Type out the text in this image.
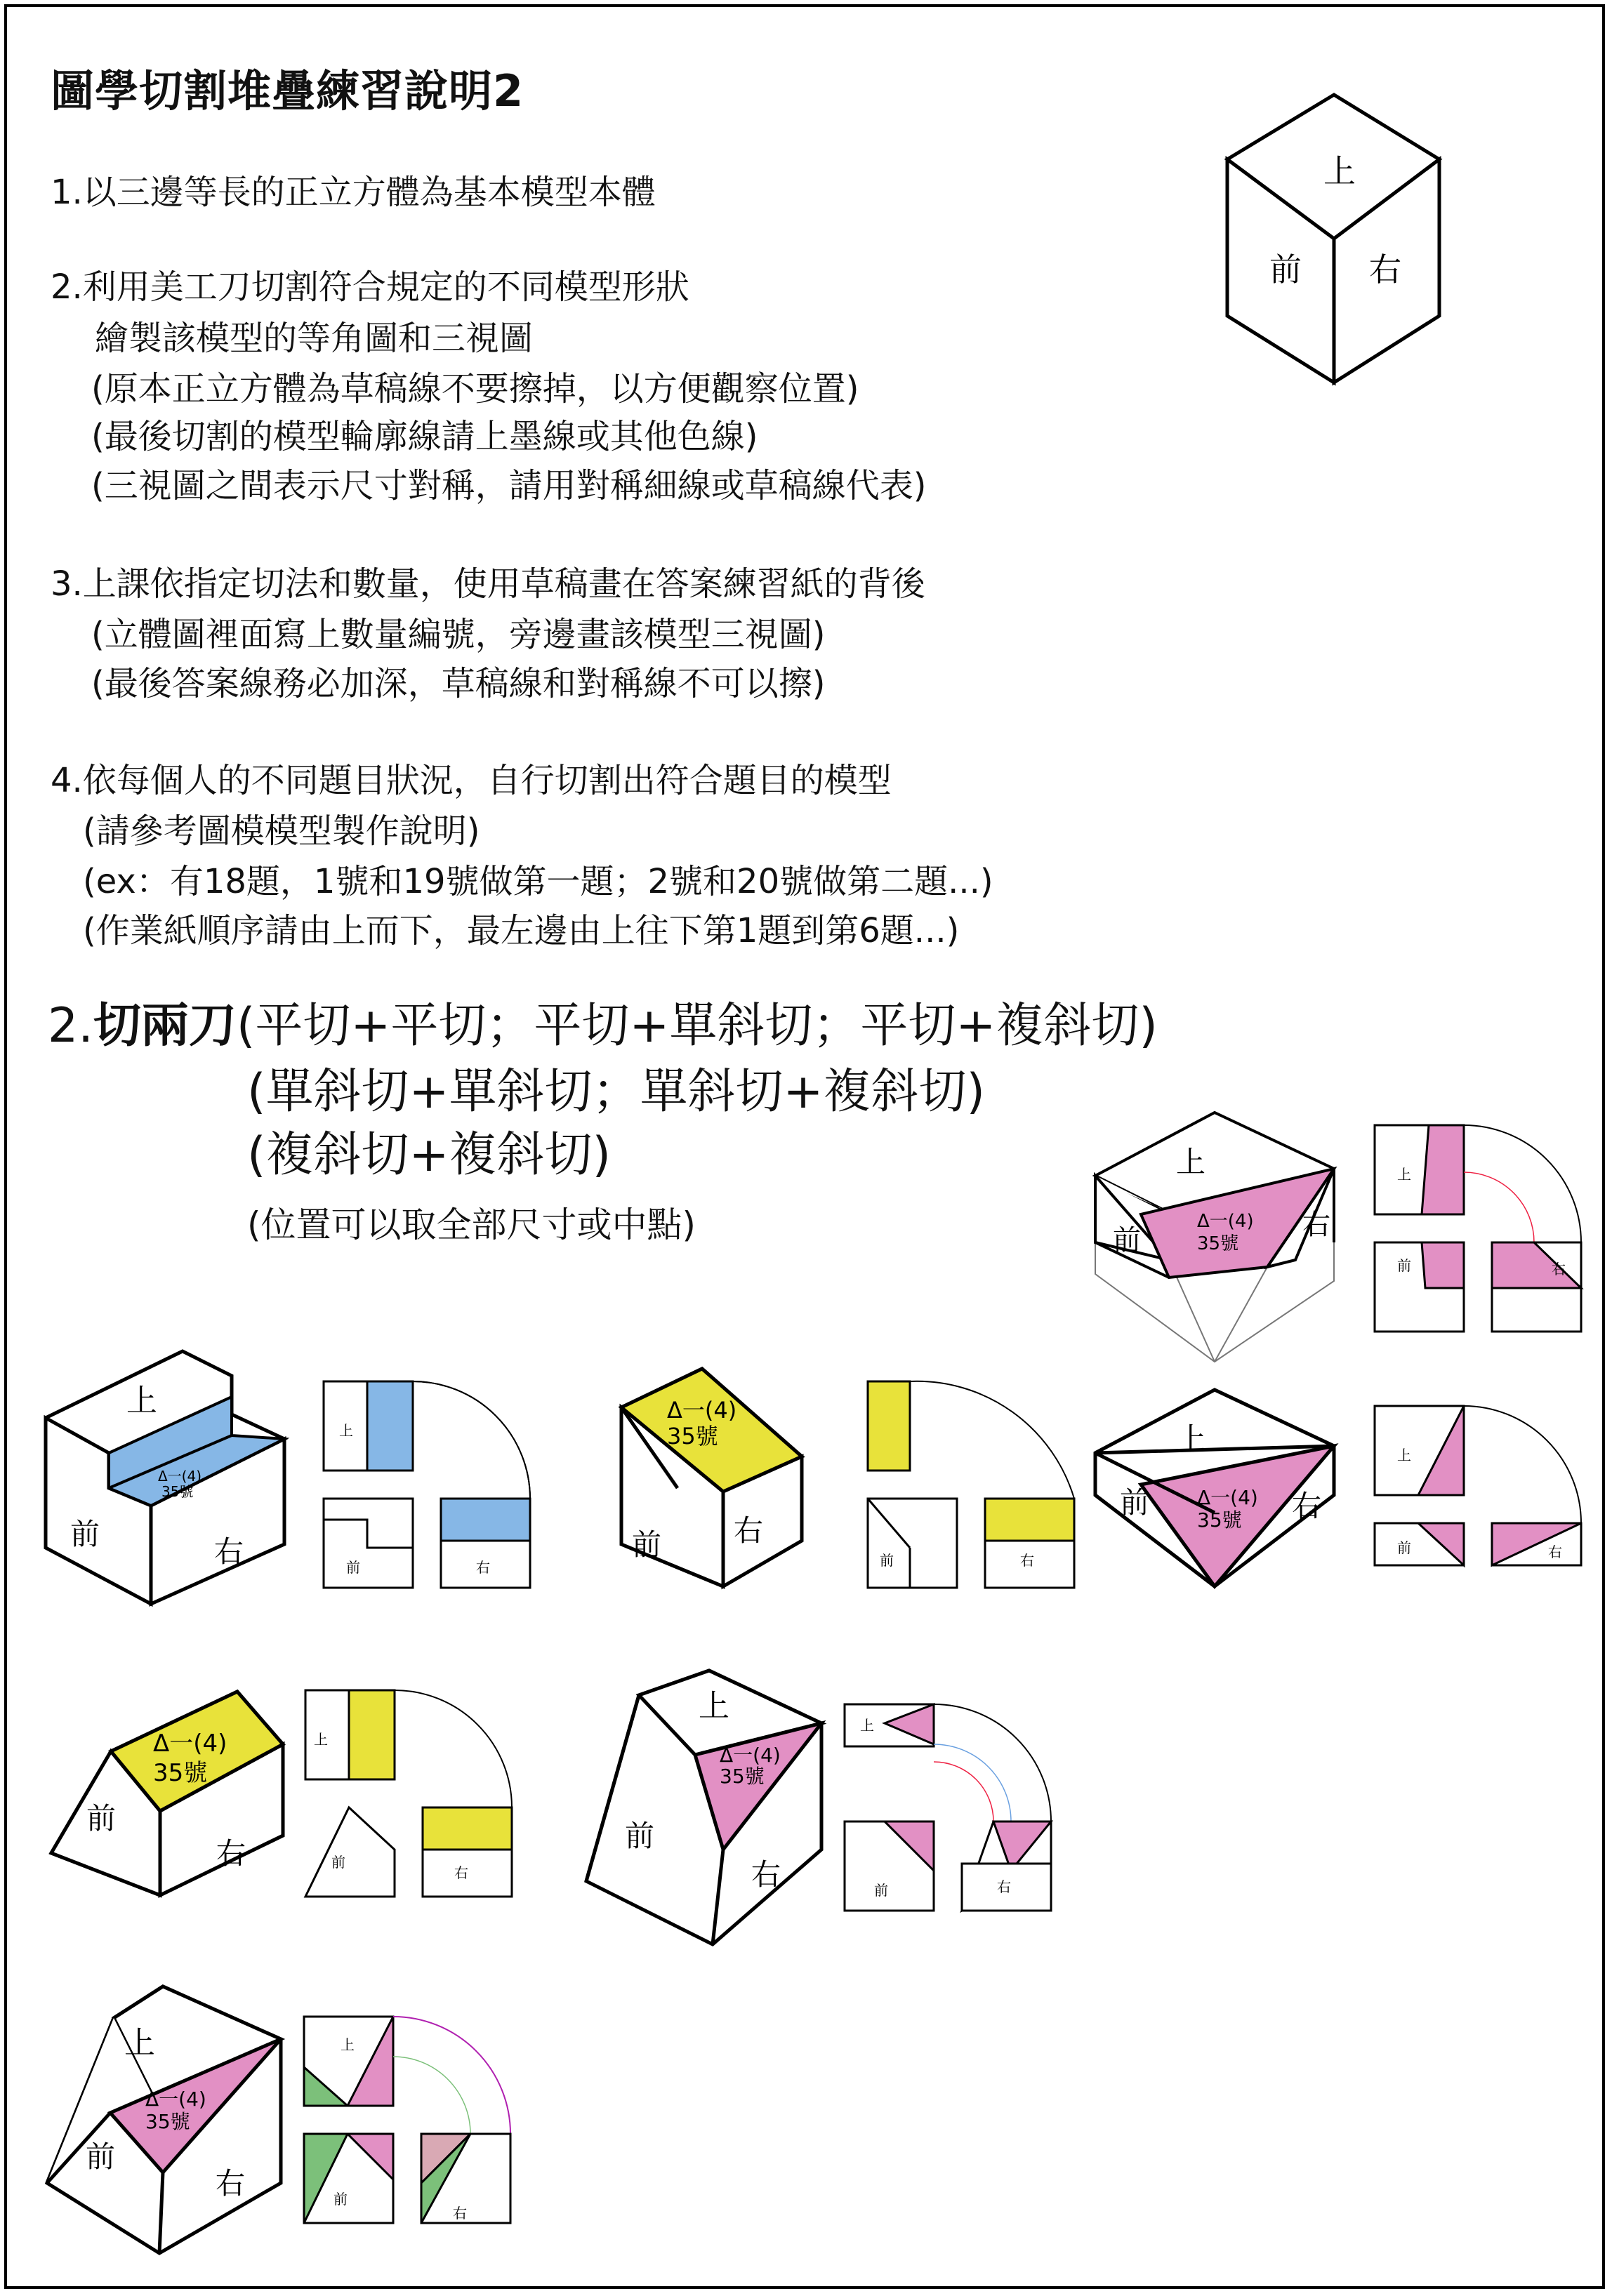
圖學切割堆疊練習說明2
1.以三邊等長的正立方體為基本模型本體
2.利用美工刀切割符合規定的不同模型形狀
繪製該模型的等角圖和三視圖
(原本正立方體為草稿線不要擦掉，以方便觀察位置)
(最後切割的模型輪廓線請上墨線或其他色線)
(三視圖之間表示尺寸對稱，請用對稱細線或草稿線代表)
3.上課依指定切法和數量，使用草稿畫在答案練習紙的背後
(立體圖裡面寫上數量編號，旁邊畫該模型三視圖)
(最後答案線務必加深，草稿線和對稱線不可以擦)
4.依每個人的不同題目狀況，自行切割出符合題目的模型
(請參考圖模模型製作說明)
(ex：有18題，1號和19號做第一題；2號和20號做第二題...)
(作業紙順序請由上而下，最左邊由上往下第1題到第6題...)
2.切兩刀(平切+平切；平切+單斜切；平切+複斜切)
(單斜切+單斜切；單斜切+複斜切)
(複斜切+複斜切)
(位置可以取全部尺寸或中點)
上
前 右
上
前	右
Δ一(4)
35號
上
前	右
上
前
右
Δ一(4)
35號
上
前	右
Δ一(4)
35號
前 右
前	右
上
前	右
Δ一(4)
35號
上
前	右
Δ一(4)
35號
前
右
上
前
右
上
前
右
Δ一(4)
35號
上
前	右
上
前
右
Δ一(4)
35號
上
前
右
